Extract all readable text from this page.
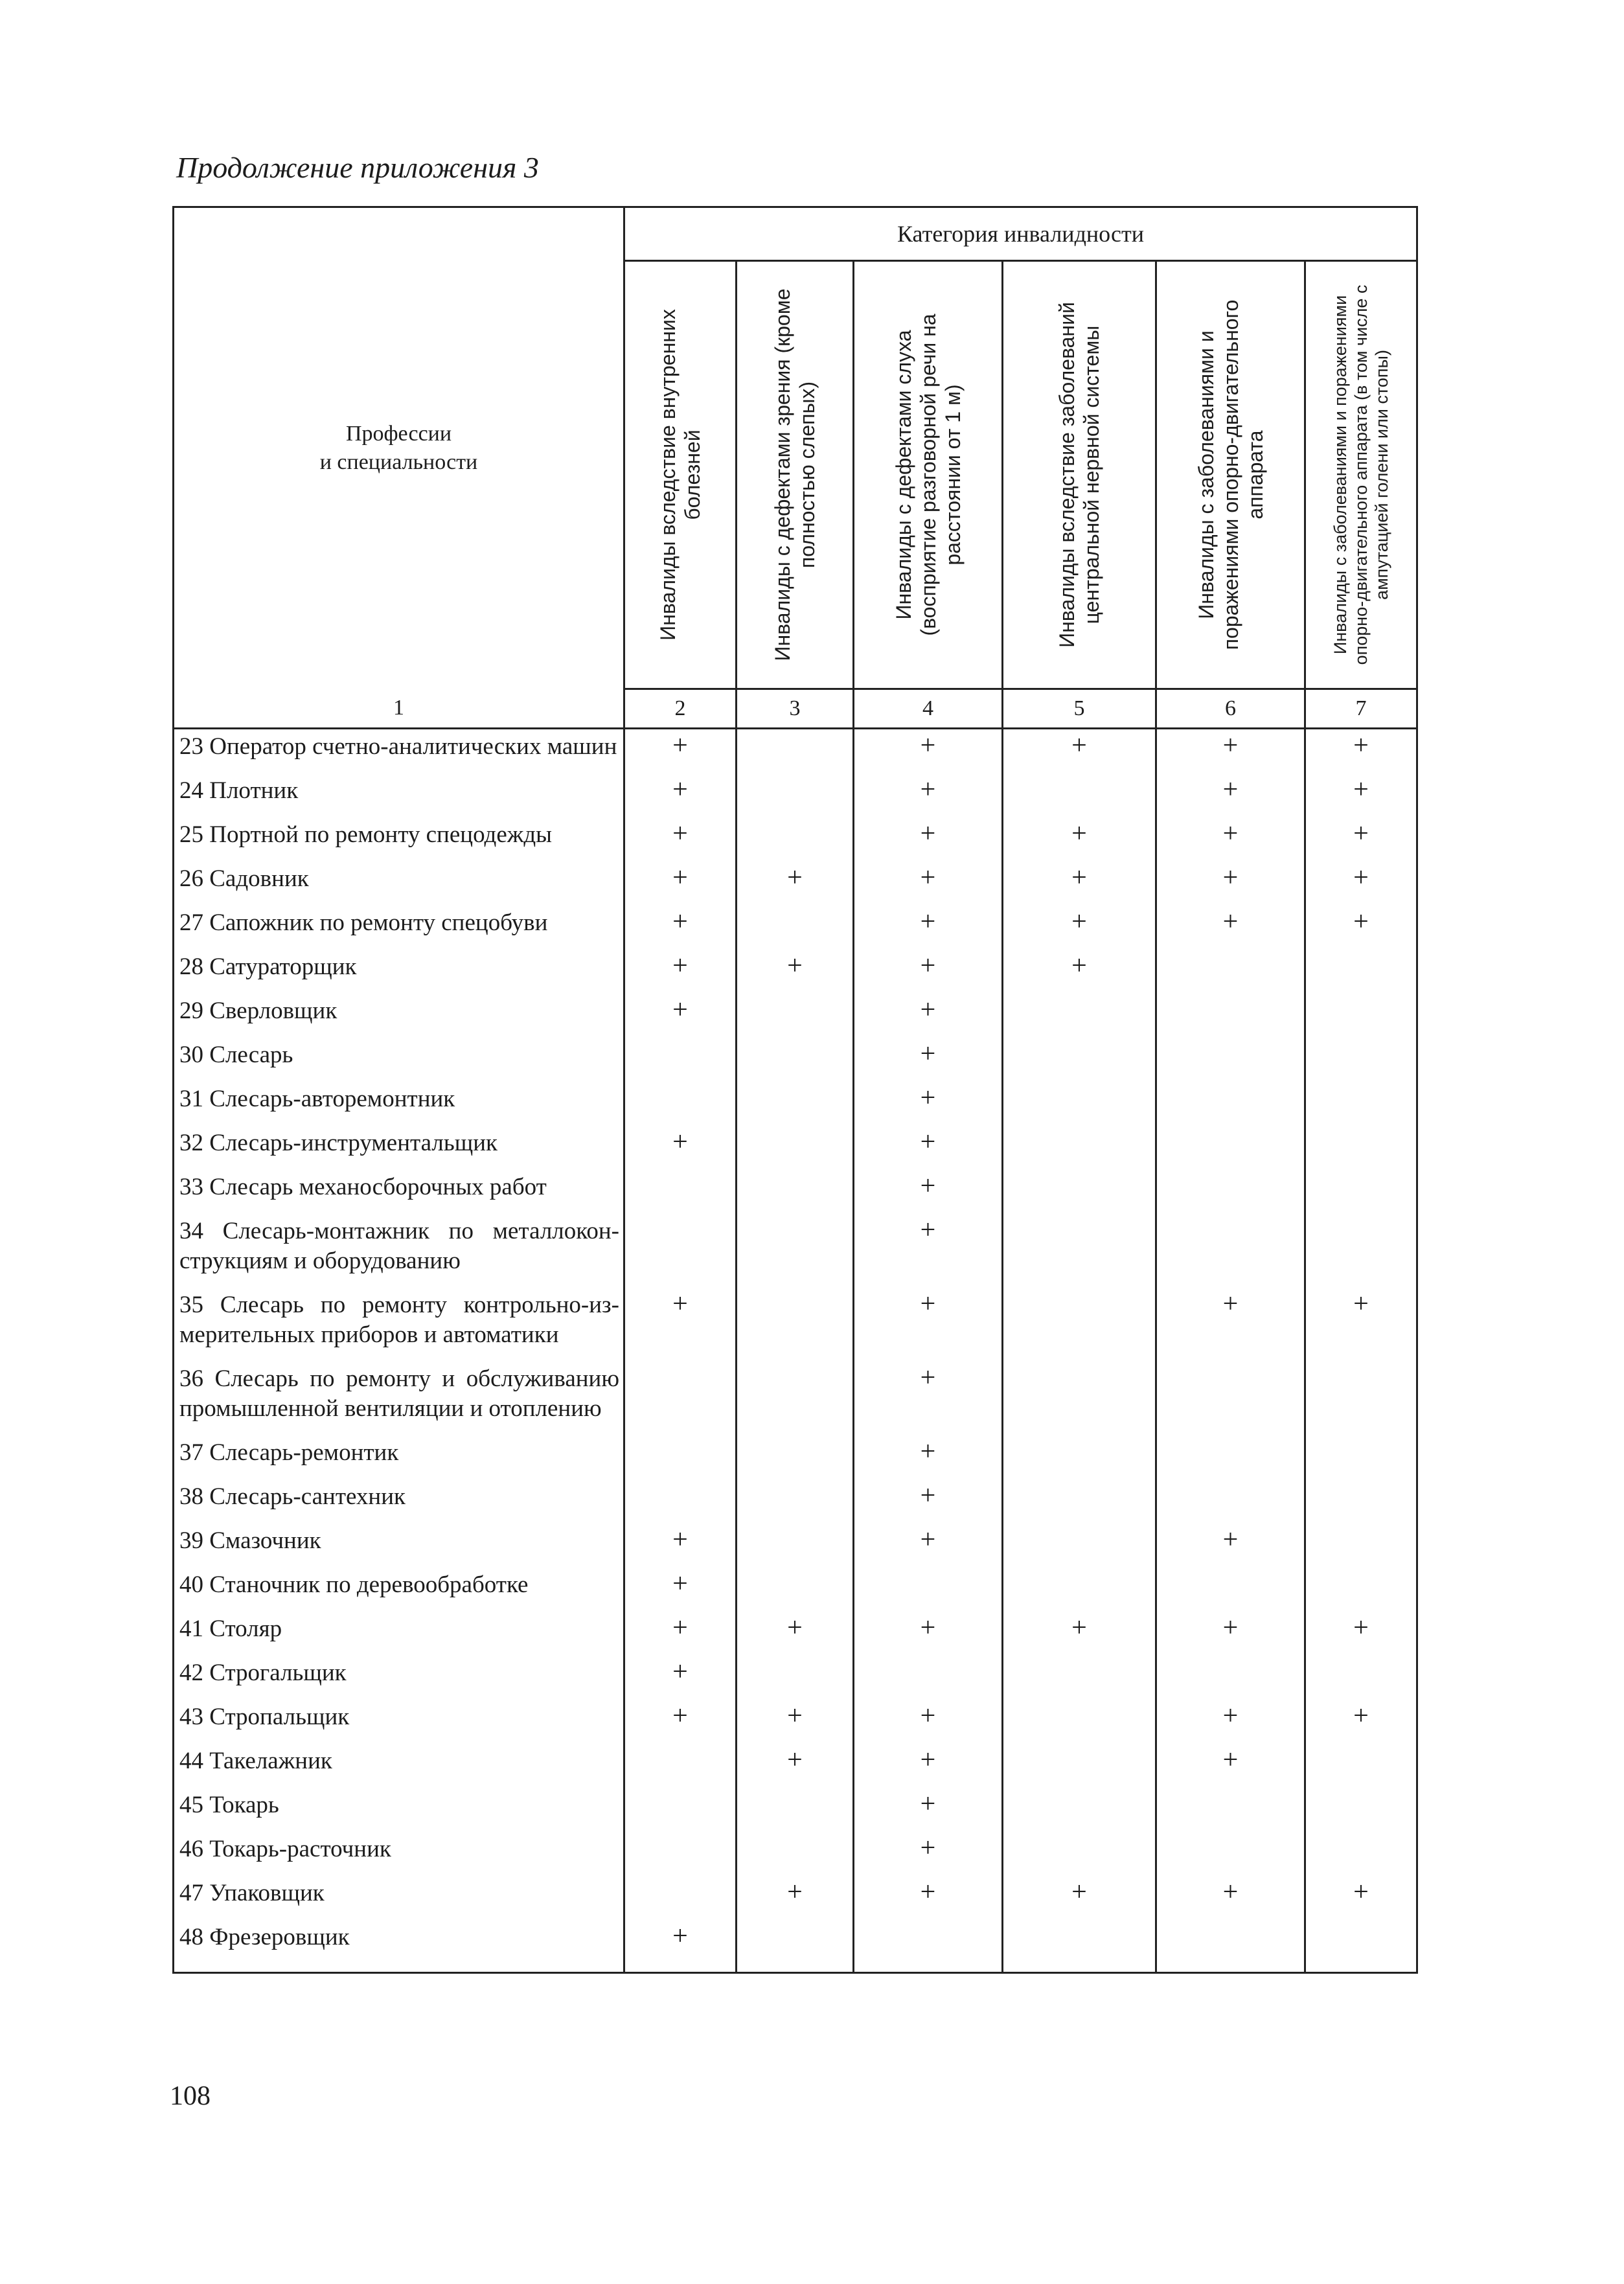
Продолжение приложения 3
Профессии
и специальности	Категория инвалидности					

	Инвалиды вследствие внутренних болезней	Инвалиды с дефектами зрения (кроме полностью слепых)	Инвалиды с дефектами слуха (восприятие разговорной речи на расстоянии от 1 м)	Инвалиды вследствие заболеваний центральной нервной системы	Инвалиды с заболеваниями и поражениями опорно-двигательного аппарата	Инвалиды с заболеваниями и поражениями опорно-двигательного аппарата (в том числе с ампутацией голени или стопы)

1	2	3	4	5	6	7
23 Оператор счетно-аналитических машин	+		+	+	+	+
24 Плотник	+		+		+	+
25 Портной по ремонту спецодежды	+		+	+	+	+
26 Садовник	+	+	+	+	+	+
27 Сапожник по ремонту спецобуви	+		+	+	+	+
28 Сатураторщик	+	+	+	+		
29 Сверловщик	+		+			
30 Слесарь			+			
31 Слесарь-авторемонтник			+			
32 Слесарь-инструментальщик	+		+			
33 Слесарь механосборочных работ			+			
34 Слесарь-монтажник по металлоконструкциям и оборудованию			+			
35 Слесарь по ремонту контрольно-измерительных приборов и автоматики	+		+		+	+
36 Слесарь по ремонту и обслуживанию промышленной вентиляции и отоплению			+			
37 Слесарь-ремонтик			+			
38 Слесарь-сантехник			+			
39 Смазочник	+		+		+	
40 Станочник по деревообработке	+					
41 Столяр	+	+	+	+	+	+
42 Строгальщик	+					
43 Стропальщик	+	+	+		+	+
44 Такелажник		+	+		+	
45 Токарь			+			
46 Токарь-расточник			+			
47 Упаковщик		+	+	+	+	+
48 Фрезеровщик	+					
108
